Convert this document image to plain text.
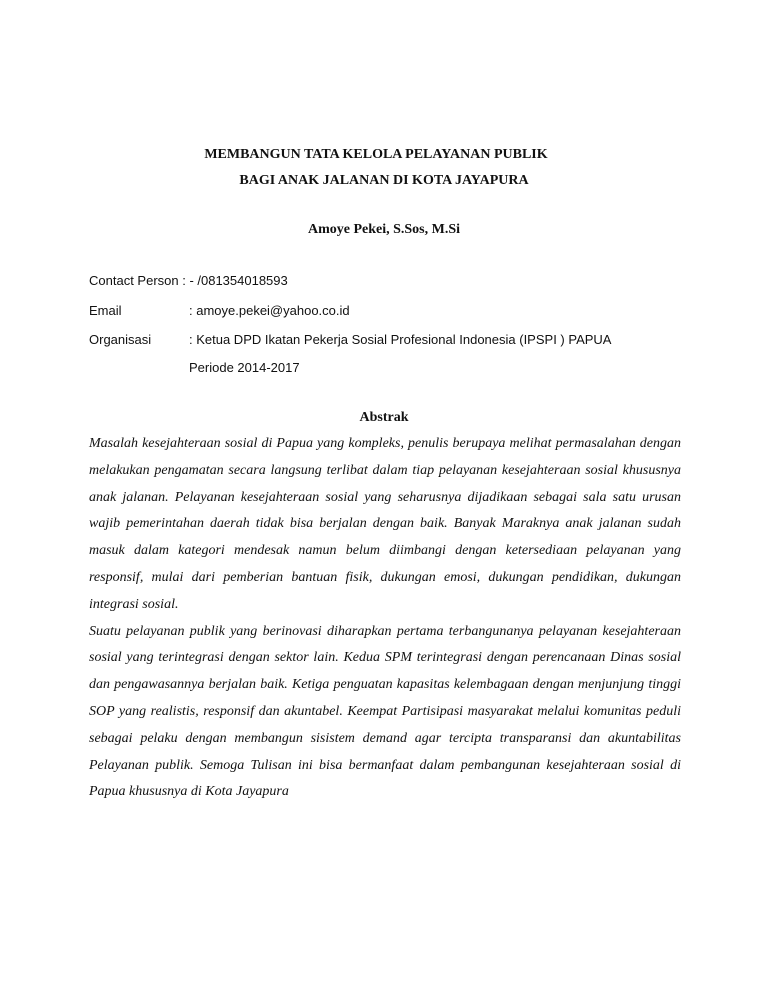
MEMBANGUN TATA KELOLA PELAYANAN PUBLIK
BAGI ANAK JALANAN DI KOTA JAYAPURA
Amoye Pekei, S.Sos, M.Si
Contact Person : - /081354018593
Email	: amoye.pekei@yahoo.co.id
Organisasi	: Ketua DPD Ikatan Pekerja Sosial Profesional Indonesia (IPSPI ) PAPUA
Periode 2014-2017
Abstrak

Masalah kesejahteraan sosial di Papua yang kompleks, penulis berupaya melihat permasalahan dengan melakukan pengamatan secara langsung terlibat dalam tiap pelayanan kesejahteraan sosial khususnya anak jalanan. Pelayanan kesejahteraan sosial yang seharusnya dijadikaan sebagai sala satu urusan wajib pemerintahan daerah tidak bisa berjalan dengan baik. Banyak Maraknya anak jalanan sudah masuk dalam kategori mendesak namun belum diimbangi dengan ketersediaan pelayanan yang responsif, mulai dari pemberian bantuan fisik, dukungan emosi, dukungan pendidikan, dukungan integrasi sosial.

Suatu pelayanan publik yang berinovasi diharapkan pertama terbangunanya pelayanan kesejahteraan sosial yang terintegrasi dengan sektor lain. Kedua SPM terintegrasi dengan perencanaan Dinas sosial dan pengawasannya berjalan baik. Ketiga penguatan kapasitas kelembagaan dengan menjunjung tinggi SOP yang realistis, responsif dan akuntabel. Keempat Partisipasi masyarakat melalui komunitas peduli sebagai pelaku dengan membangun sisistem demand agar tercipta transparansi dan akuntabilitas Pelayanan publik. Semoga Tulisan ini bisa bermanfaat dalam pembangunan kesejahteraan sosial di Papua khususnya di Kota Jayapura
